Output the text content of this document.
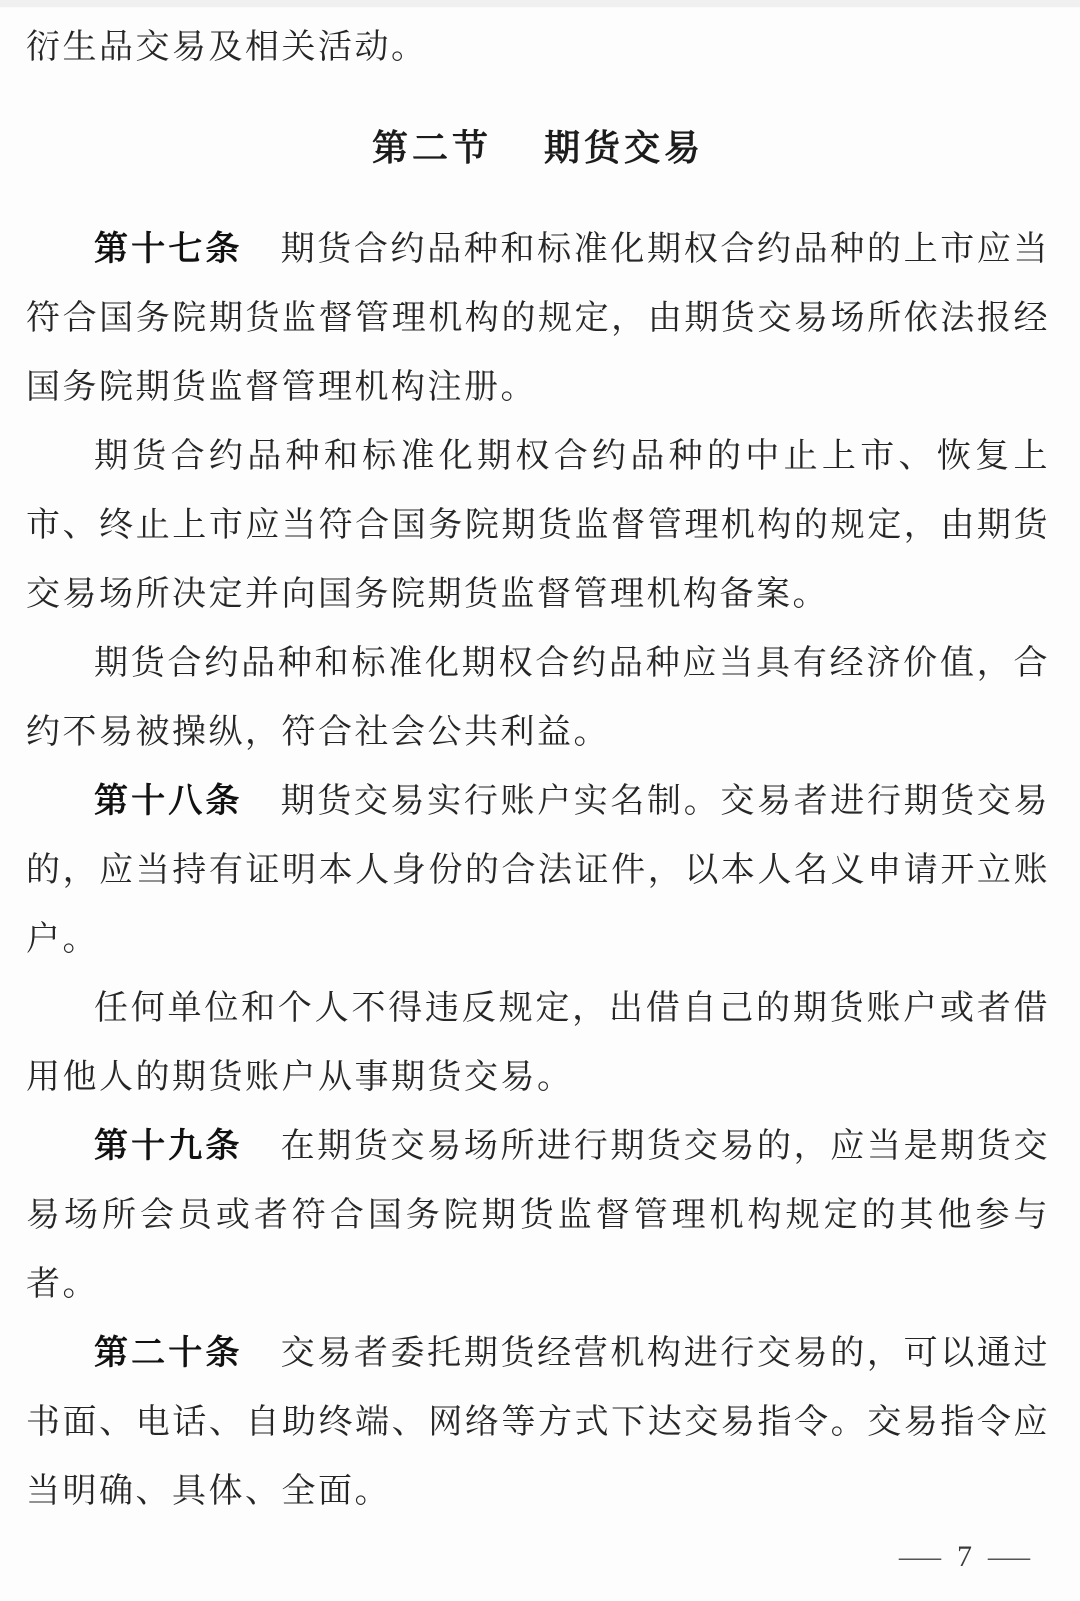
衍生品交易及相关活动。

第二节 期货交易

第十七条 期货合约品种和标准化期权合约品种的上市应当符合国务院期货监督管理机构的规定，由期货交易场所依法报经国务院期货监督管理机构注册。

期货合约品种和标准化期权合约品种的中止上市、恢复上市、终止上市应当符合国务院期货监督管理机构的规定，由期货交易场所决定并向国务院期货监督管理机构备案。

期货合约品种和标准化期权合约品种应当具有经济价值，合约不易被操纵，符合社会公共利益。

第十八条 期货交易实行账户实名制。交易者进行期货交易的，应当持有证明本人身份的合法证件，以本人名义申请开立账户。

任何单位和个人不得违反规定，出借自己的期货账户或者借用他人的期货账户从事期货交易。

第十九条 在期货交易场所进行期货交易的，应当是期货交易场所会员或者符合国务院期货监督管理机构规定的其他参与者。

第二十条 交易者委托期货经营机构进行交易的，可以通过书面、电话、自助终端、网络等方式下达交易指令。交易指令应当明确、具体、全面。

— 7 —
